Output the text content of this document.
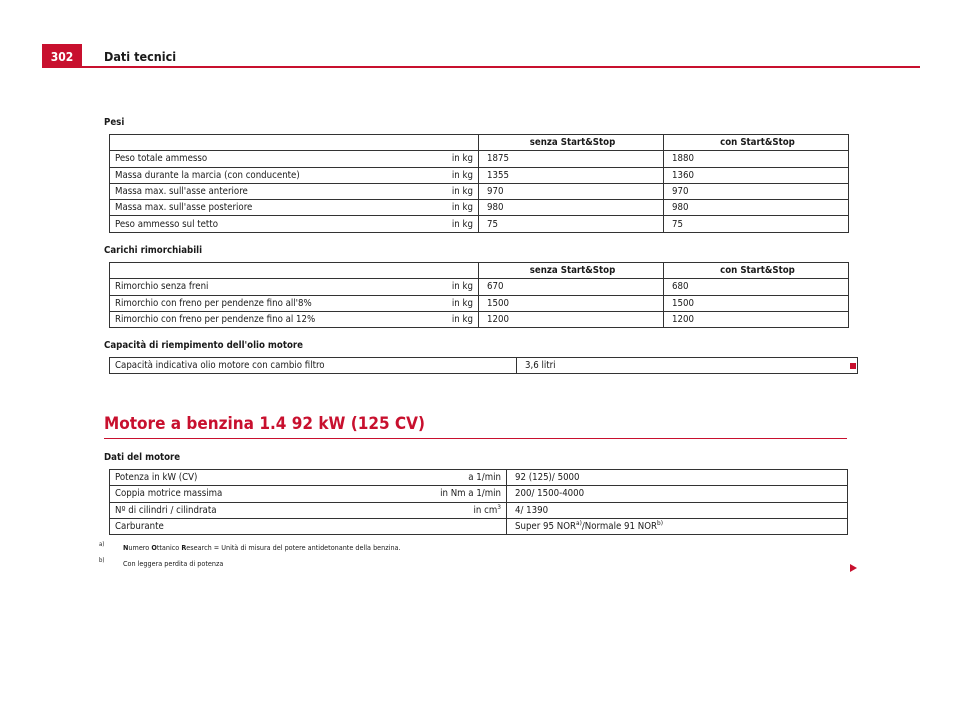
302	Dati tecnici
Pesi
		senza Start&Stop	con Start&Stop
Peso totale ammesso	in kg	1875	1880
Massa durante la marcia (con conducente)	in kg	1355	1360
Massa max. sull'asse anteriore	in kg	970	970
Massa max. sull'asse posteriore	in kg	980	980
Peso ammesso sul tetto	in kg	75	75
Carichi rimorchiabili
		senza Start&Stop	con Start&Stop
Rimorchio senza freni	in kg	670	680
Rimorchio con freno per pendenze fino all'8%	in kg	1500	1500
Rimorchio con freno per pendenze fino al 12%	in kg	1200	1200
Capacità di riempimento dell'olio motore
Capacità indicativa olio motore con cambio filtro	3,6 litri
Motore a benzina 1.4 92 kW (125 CV)
Dati del motore
Potenza in kW (CV)	a 1/min	92 (125)/ 5000
Coppia motrice massima	in Nm a 1/min	200/ 1500-4000
Nº di cilindri / cilindrata	in $cm^3$	4/ 1390
Carburante		Super 95 NOR$^{a)}$/Normale 91 NOR$^{b)}$
a)	Numero Ottanico Research = Unità di misura del potere antidetonante della benzina.
b)	Con leggera perdita di potenza
